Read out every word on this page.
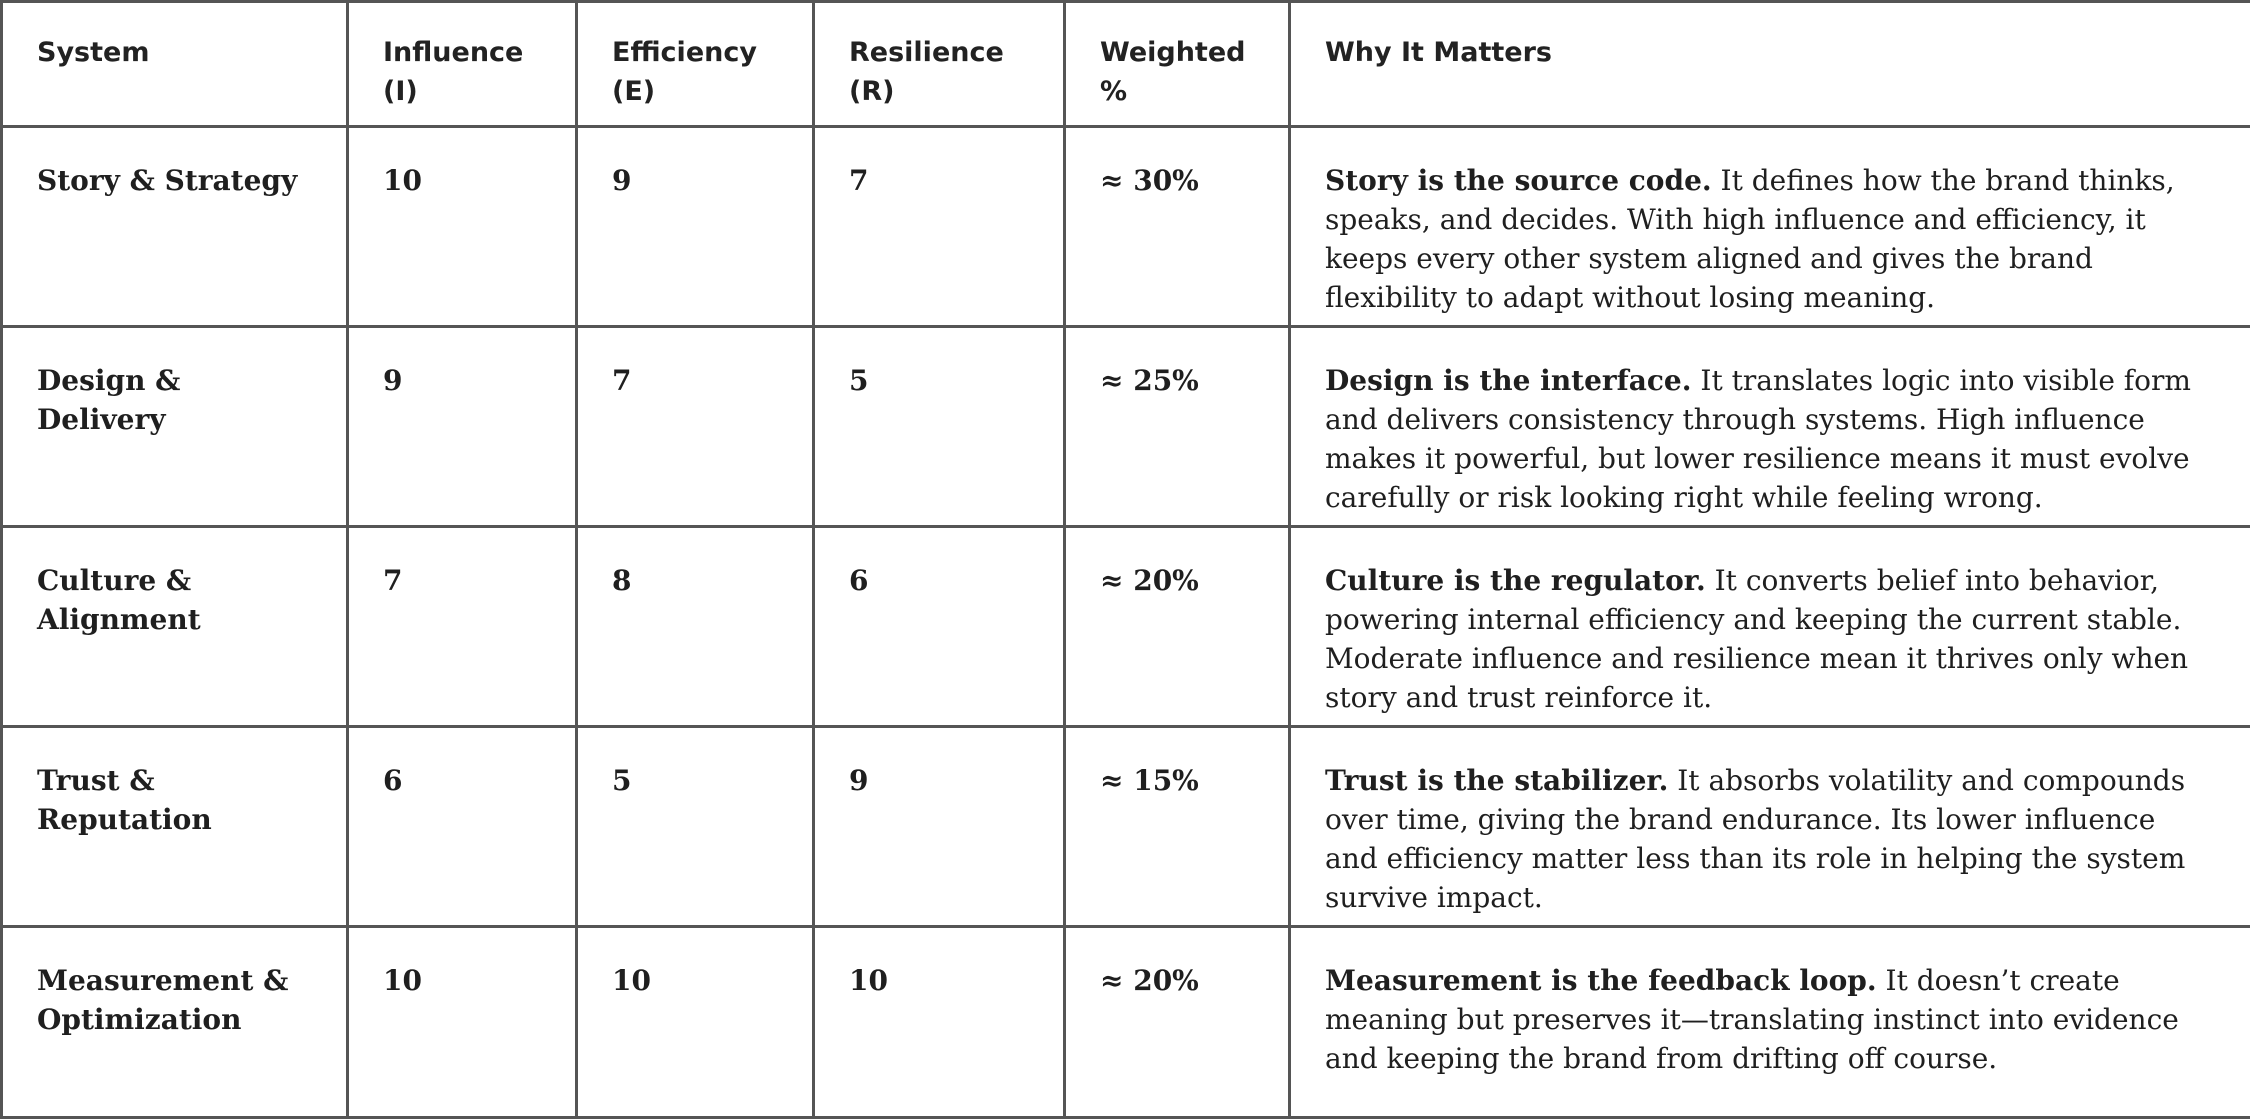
System	Influence (I)	Efficiency (E)	Resilience (R)	Weighted %	Why It Matters
Story & Strategy	10	9	7	≈ 30%	Story is the source code. It defines how the brand thinks, speaks, and decides. With high influence and efficiency, it keeps every other system aligned and gives the brand flexibility to adapt without losing meaning.
Design & Delivery	9	7	5	≈ 25%	Design is the interface. It translates logic into visible form and delivers consistency through systems. High influence makes it powerful, but lower resilience means it must evolve carefully or risk looking right while feeling wrong.
Culture & Alignment	7	8	6	≈ 20%	Culture is the regulator. It converts belief into behavior, powering internal efficiency and keeping the current stable. Moderate influence and resilience mean it thrives only when story and trust reinforce it.
Trust & Reputation	6	5	9	≈ 15%	Trust is the stabilizer. It absorbs volatility and compounds over time, giving the brand endurance. Its lower influence and efficiency matter less than its role in helping the system survive impact.
Measurement & Optimization	10	10	10	≈ 20%	Measurement is the feedback loop. It doesn’t create meaning but preserves it—translating instinct into evidence and keeping the brand from drifting off course.
